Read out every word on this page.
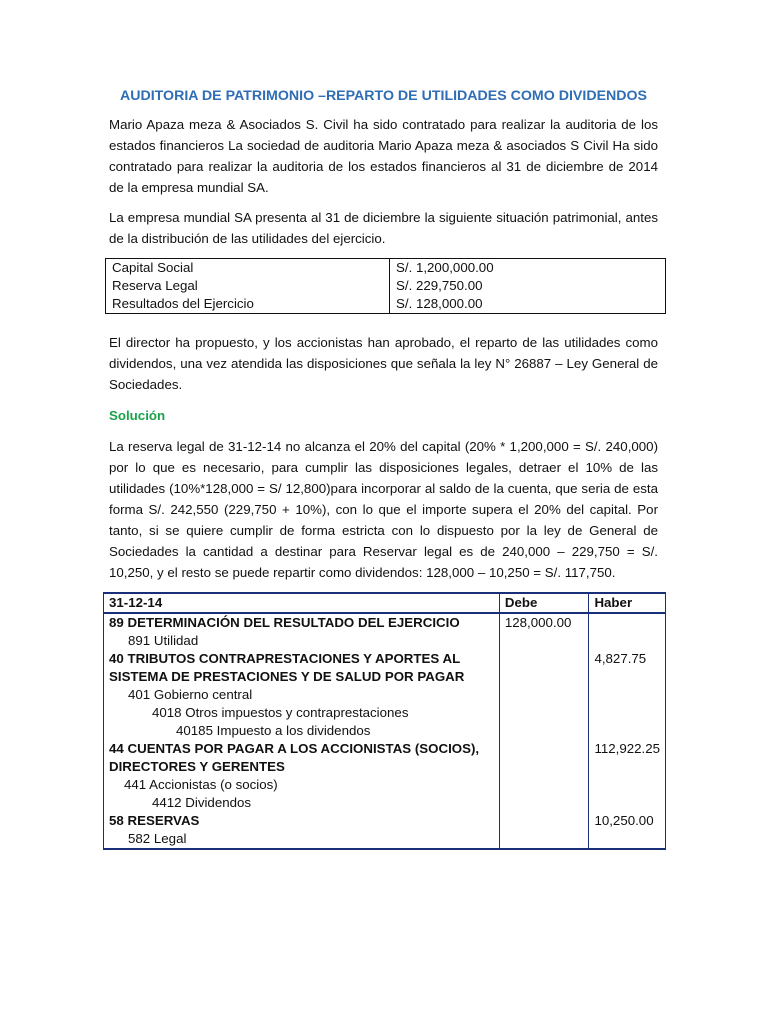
AUDITORIA DE PATRIMONIO –REPARTO DE UTILIDADES COMO DIVIDENDOS

Mario Apaza meza & Asociados S. Civil ha sido contratado para realizar la auditoria de los estados financieros La sociedad de auditoria Mario Apaza meza & asociados S Civil Ha sido contratado para realizar la auditoria de los estados financieros al 31 de diciembre de 2014 de la empresa mundial SA.

La empresa mundial SA presenta al 31 de diciembre la siguiente situación patrimonial, antes de la distribución de las utilidades del ejercicio.

Capital Social	S/. 1,200,000.00
Reserva Legal	S/. 229,750.00
Resultados del Ejercicio	S/. 128,000.00

El director ha propuesto, y los accionistas han aprobado, el reparto de las utilidades como dividendos, una vez atendida las disposiciones que señala la ley N° 26887 – Ley General de Sociedades.

Solución

La reserva legal de 31-12-14 no alcanza el 20% del capital (20% * 1,200,000 = S/. 240,000) por lo que es necesario, para cumplir las disposiciones legales, detraer el 10% de las utilidades (10%*128,000 = S/ 12,800)para incorporar al saldo de la cuenta, que seria de esta forma S/. 242,550 (229,750 + 10%), con lo que el importe supera el 20% del capital. Por tanto, si se quiere cumplir de forma estricta con lo dispuesto por la ley de General de Sociedades la cantidad a destinar para Reservar legal es de 240,000 – 229,750 = S/. 10,250, y el resto se puede repartir como dividendos: 128,000 – 10,250 = S/. 117,750.

31-12-14	Debe	Haber
89 DETERMINACIÓN DEL RESULTADO DEL EJERCICIO	128,000.00	
891 Utilidad		
40 TRIBUTOS CONTRAPRESTACIONES Y APORTES AL SISTEMA DE PRESTACIONES Y DE SALUD POR PAGAR		4,827.75
401 Gobierno central		
4018 Otros impuestos y contraprestaciones		
40185 Impuesto a los dividendos		
44 CUENTAS POR PAGAR A LOS ACCIONISTAS (SOCIOS), DIRECTORES Y GERENTES		112,922.25
441 Accionistas (o socios)		
4412 Dividendos		
58 RESERVAS		10,250.00
582 Legal		
